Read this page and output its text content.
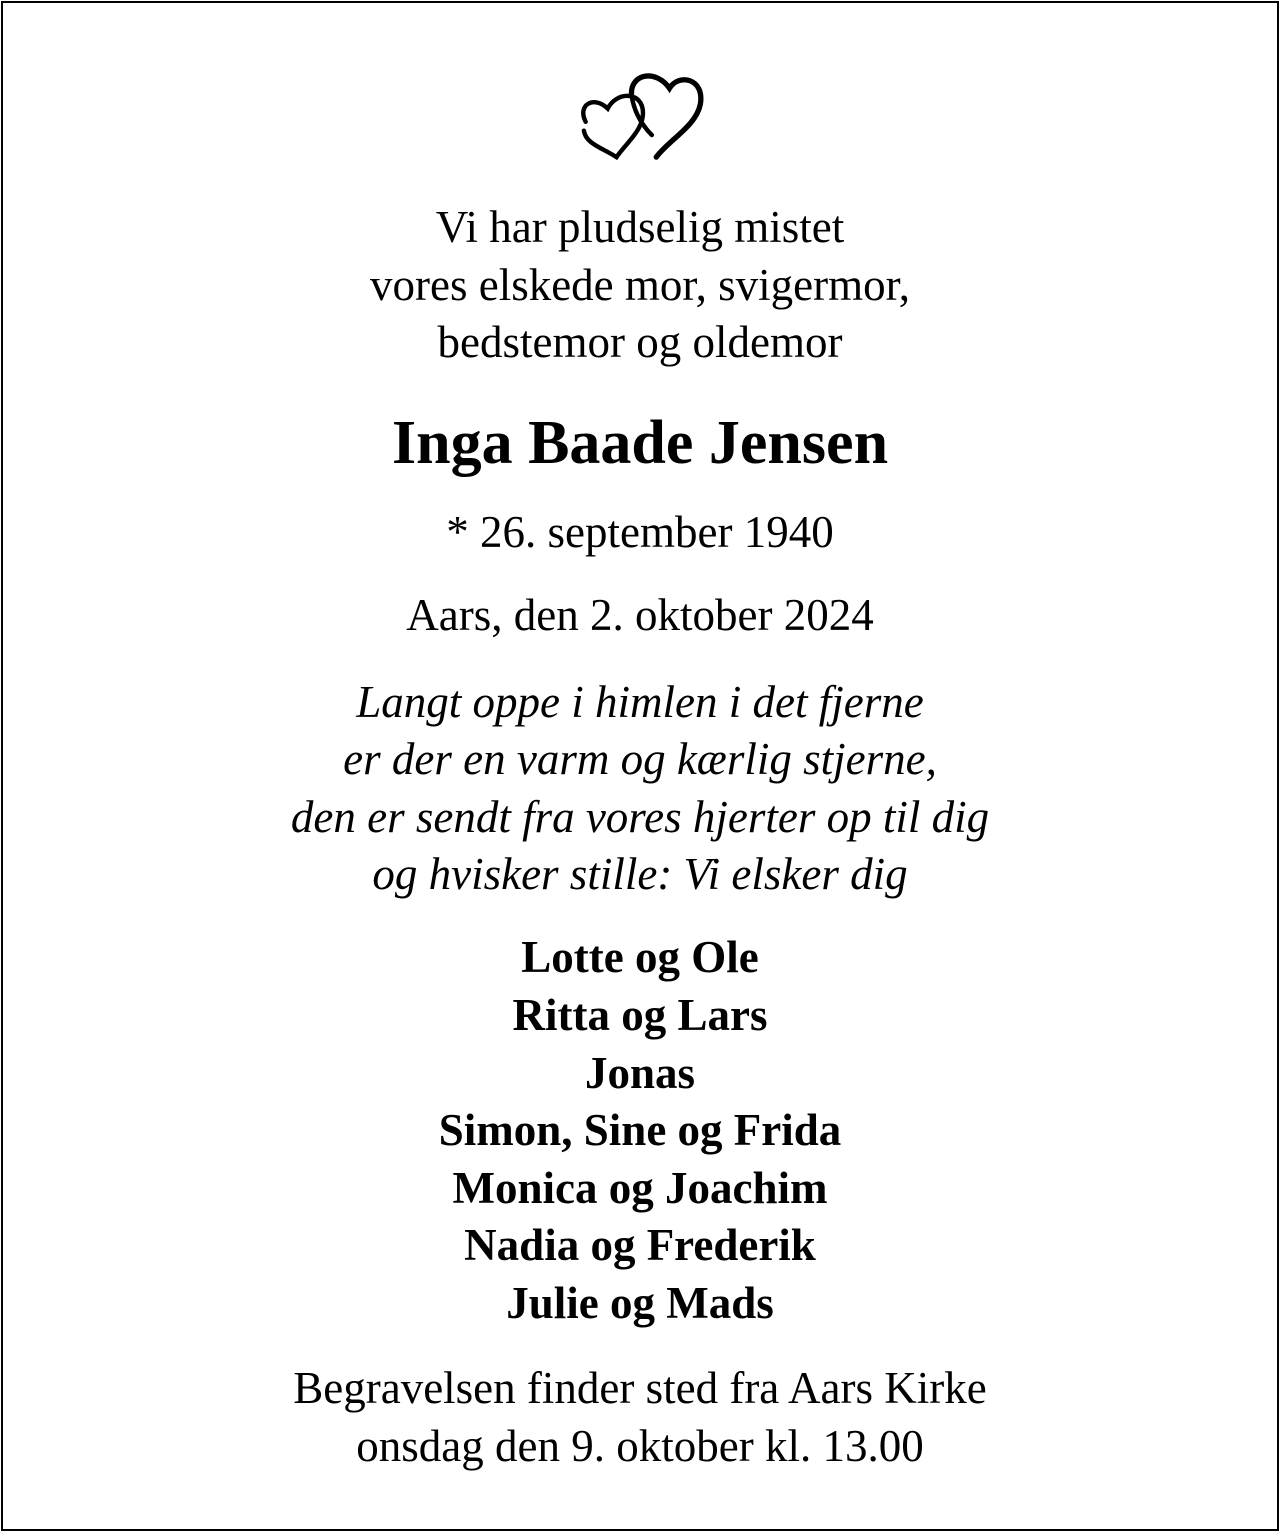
Vi har pludselig mistet
vores elskede mor, svigermor,
bedstemor og oldemor
Inga Baade Jensen
* 26. september 1940
Aars, den 2. oktober 2024
Langt oppe i himlen i det fjerne
er der en varm og kærlig stjerne,
den er sendt fra vores hjerter op til dig
og hvisker stille: Vi elsker dig
Lotte og Ole
Ritta og Lars
Jonas
Simon, Sine og Frida
Monica og Joachim
Nadia og Frederik
Julie og Mads
Begravelsen finder sted fra Aars Kirke
onsdag den 9. oktober kl. 13.00
